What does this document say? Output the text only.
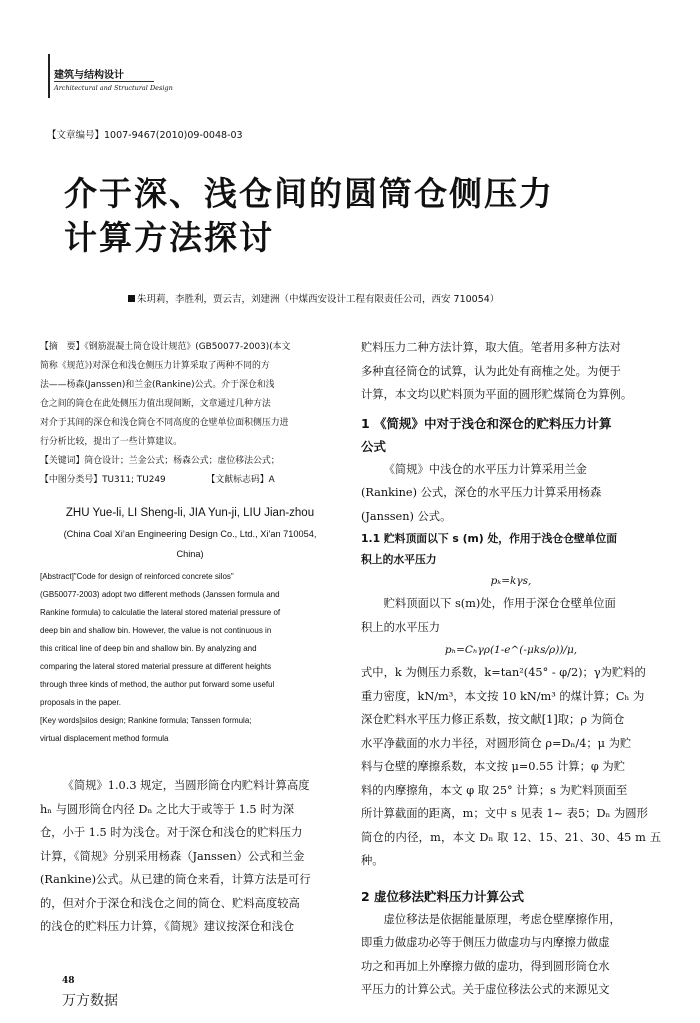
建筑与结构设计
Architectural and Structural Design
【文章编号】1007-9467(2010)09-0048-03
介于深、浅仓间的圆筒仓侧压力
计算方法探讨
朱玥莉，李胜利，贾云吉，刘建洲（中煤西安设计工程有限责任公司，西安 710054）
【摘　要】《钢筋混凝土筒仓设计规范》(GB50077-2003)(本文
简称《规范》)对深仓和浅仓侧压力计算采取了两种不同的方
法——杨森(Janssen)和兰金(Rankine)公式。介于深仓和浅
仓之间的筒仓在此处侧压力值出现间断，文章通过几种方法
对介于其间的深仓和浅仓筒仓不同高度的仓壁单位面积侧压力进
行分析比较，提出了一些计算建议。
【关键词】筒仓设计；兰金公式；杨森公式；虚位移法公式；
【中图分类号】TU311; TU249	【文献标志码】A
ZHU Yue-li, LI Sheng-li, JIA Yun-ji, LIU Jian-zhou
(China Coal Xi’an Engineering Design Co., Ltd., Xi’an 710054,
China)
[Abstract]"Code for design of reinforced concrete silos"
(GB50077-2003) adopt two different methods (Janssen formula and
Rankine formula) to calculatie the lateral stored material pressure of
deep bin and shallow bin. However, the value is not continuous in
this critical line of deep bin and shallow bin. By analyzing and
comparing the lateral stored material pressure at different heights
through three kinds of method, the author put forward some useful
proposals in the paper.
[Key words]silos design; Rankine formula; Tanssen formula;
virtual displacement method formula
《简规》1.0.3 规定，当圆形筒仓内贮料计算高度
hₙ 与圆形筒仓内径 Dₙ 之比大于或等于 1.5 时为深
仓，小于 1.5 时为浅仓。对于深仓和浅仓的贮料压力
计算，《简规》分别采用杨森（Janssen）公式和兰金
(Rankine)公式。从已建的筒仓来看，计算方法是可行
的，但对介于深仓和浅仓之间的筒仓、贮料高度较高
的浅仓的贮料压力计算，《简规》建议按深仓和浅仓
贮料压力二种方法计算，取大值。笔者用多种方法对
多种直径筒仓的试算，认为此处有商榷之处。为便于
计算，本文均以贮料顶为平面的圆形贮煤筒仓为算例。
1 《简规》中对于浅仓和深仓的贮料压力计算
公式
《简规》中浅仓的水平压力计算采用兰金
(Rankine) 公式，深仓的水平压力计算采用杨森
(Janssen) 公式。
1.1 贮料顶面以下 s (m) 处，作用于浅仓仓壁单位面
积上的水平压力
pₖ=kγs,
贮料顶面以下 s(m)处，作用于深仓仓壁单位面
积上的水平压力
pₕ=Cₕγρ(1-e^(-μks/ρ))/μ,
式中，k 为侧压力系数，k=tan²(45° - φ/2)；γ为贮料的
重力密度，kN/m³，本文按 10 kN/m³ 的煤计算；Cₕ 为
深仓贮料水平压力修正系数，按文献[1]取；ρ 为筒仓
水平净截面的水力半径，对圆形筒仓 ρ=Dₙ/4；μ 为贮
料与仓壁的摩擦系数，本文按 μ=0.55 计算；φ 为贮
料的内摩擦角，本文 φ 取 25° 计算；s 为贮料顶面至
所计算截面的距离，m；文中 s 见表 1~ 表5；Dₙ 为圆形
筒仓的内径，m，本文 Dₙ 取 12、15、21、30、45 m 五种。
2 虚位移法贮料压力计算公式
虚位移法是依据能量原理，考虑仓壁摩擦作用，
即重力做虚功必等于侧压力做虚功与内摩擦力做虚
功之和再加上外摩擦力做的虚功，得到圆形筒仓水
平压力的计算公式。关于虚位移法公式的来源见文
48
万方数据
